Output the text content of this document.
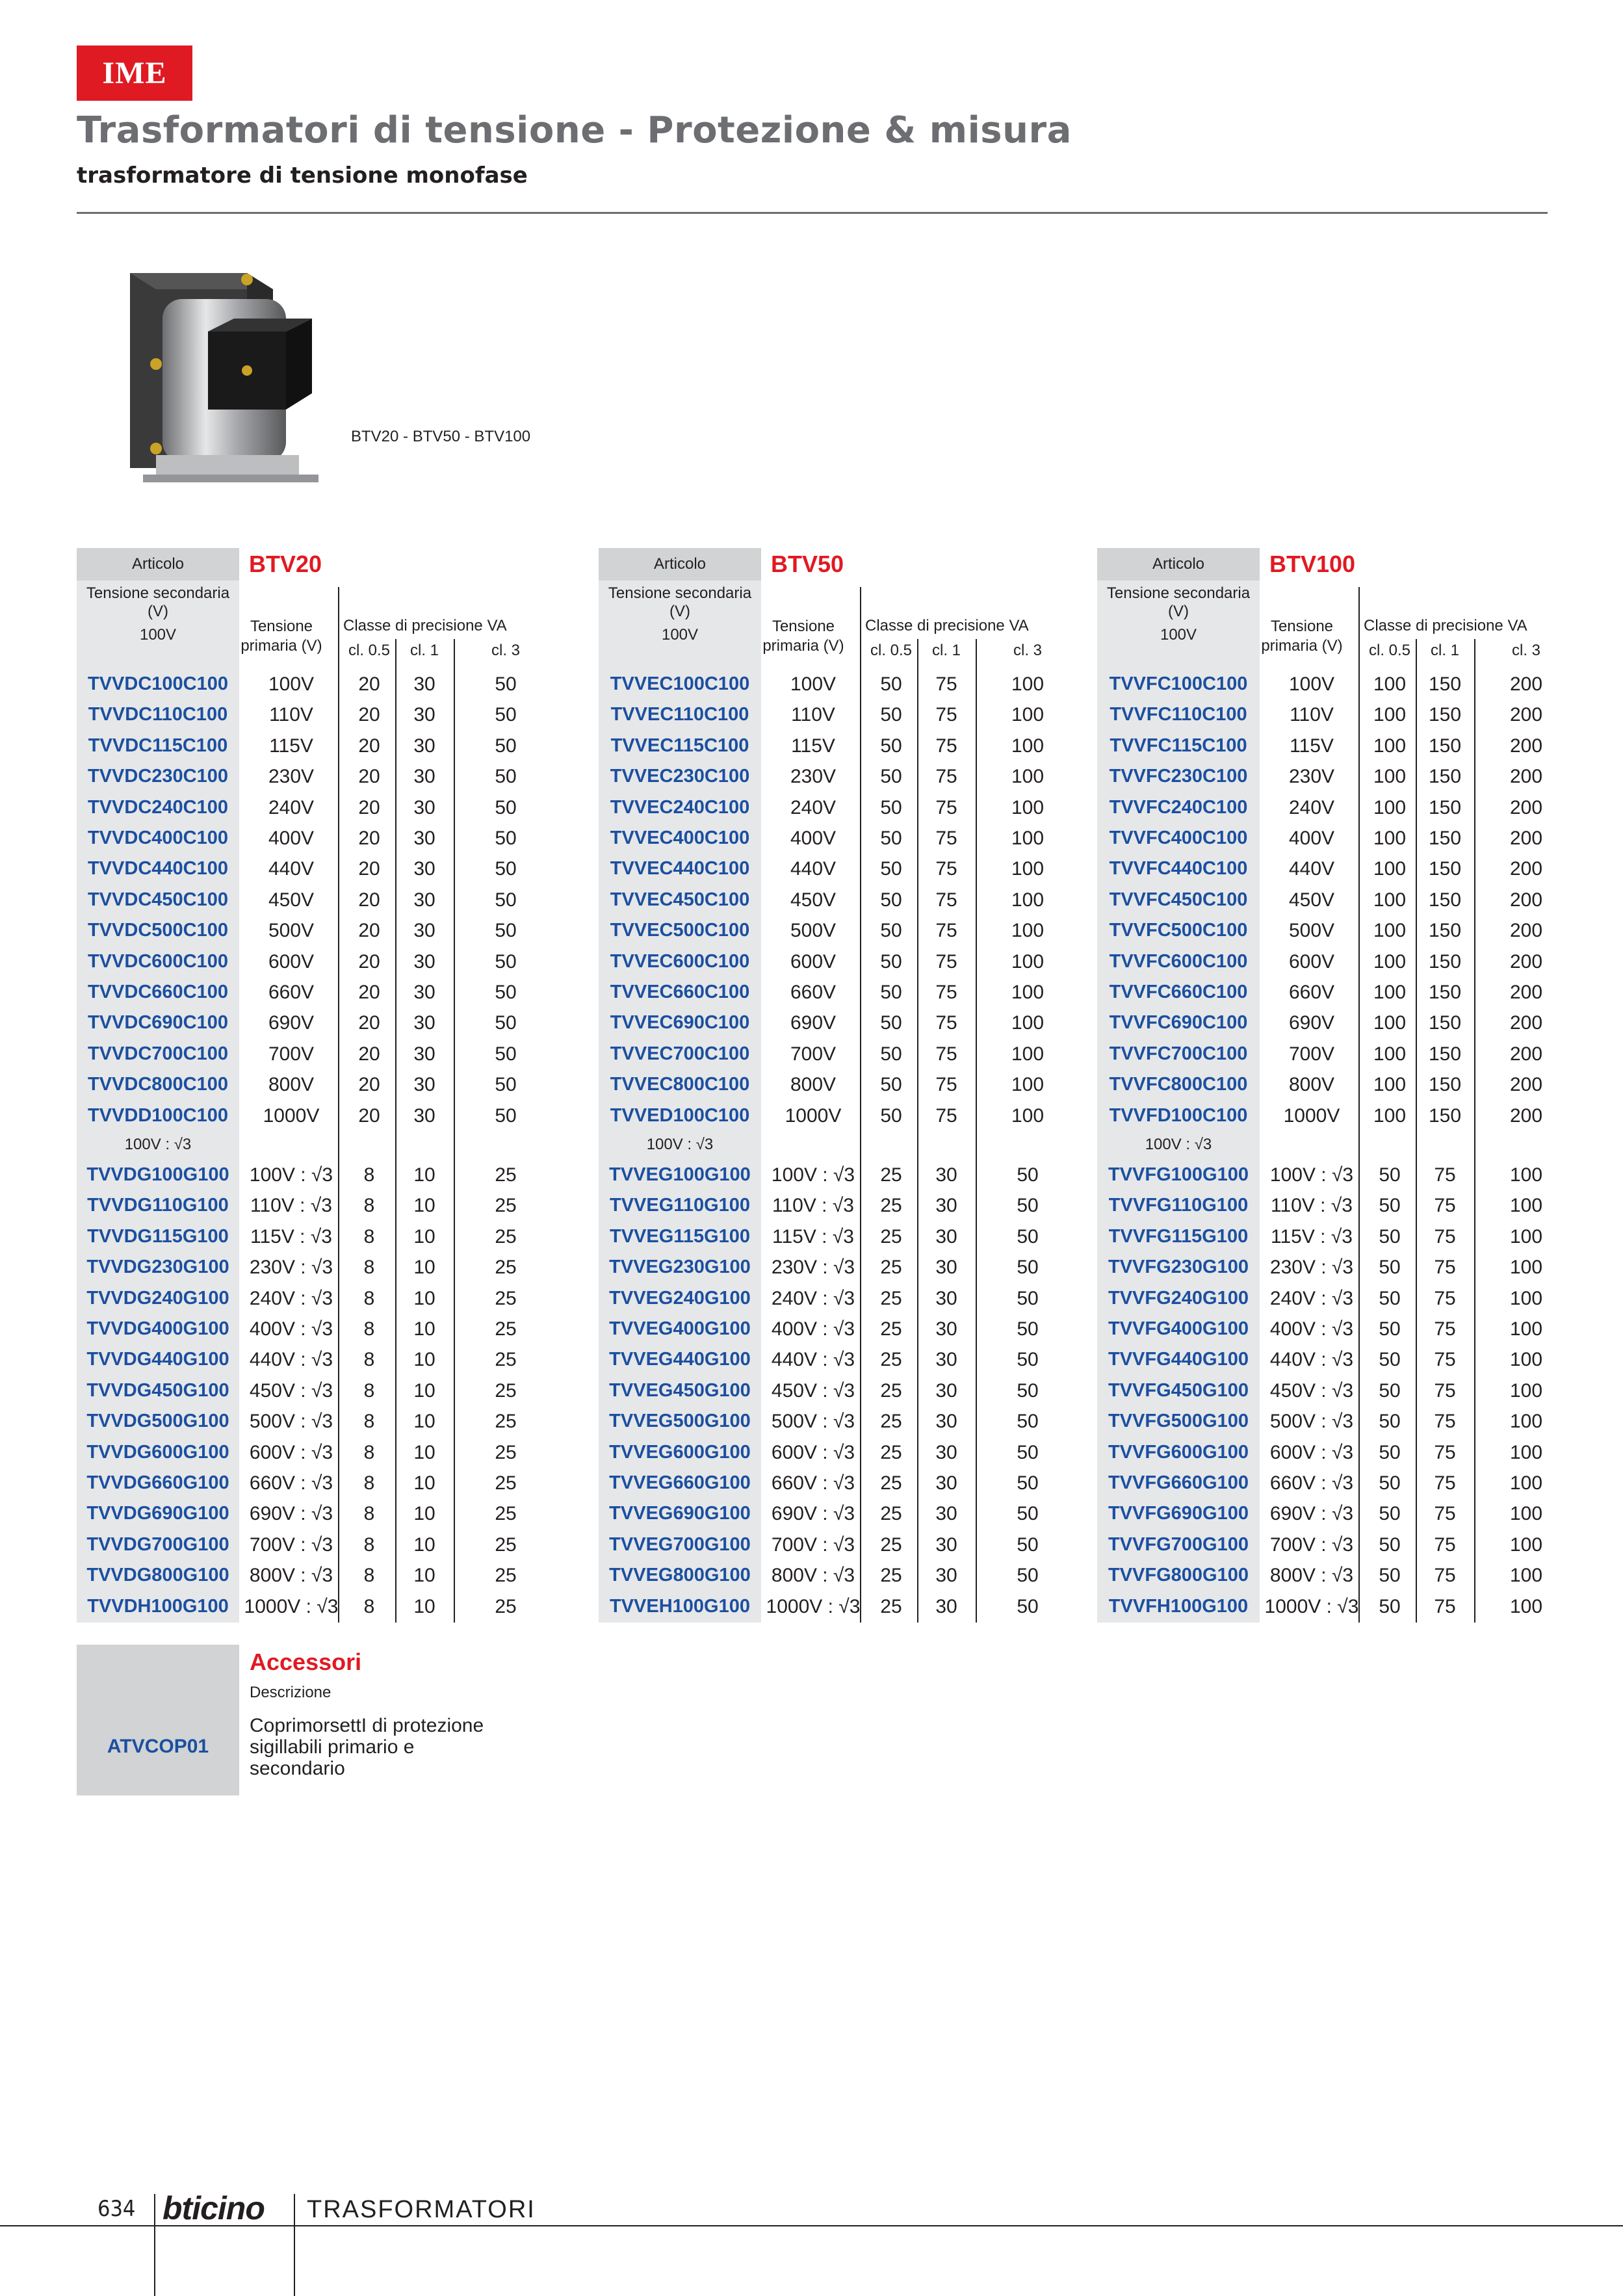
IME
Trasformatori di tensione - Protezione & misura
trasformatore di tensione monofase
BTV20 - BTV50 - BTV100
Articolo	BTV20
Tensione secondaria (V)
100V	Tensione primaria (V)
Classe di precisione VA
cl. 0.5	cl. 1	cl. 3
TVVDC100C100	100V	20	30	50
TVVDC110C100	110V	20	30	50
TVVDC115C100	115V	20	30	50
TVVDC230C100	230V	20	30	50
TVVDC240C100	240V	20	30	50
TVVDC400C100	400V	20	30	50
TVVDC440C100	440V	20	30	50
TVVDC450C100	450V	20	30	50
TVVDC500C100	500V	20	30	50
TVVDC600C100	600V	20	30	50
TVVDC660C100	660V	20	30	50
TVVDC690C100	690V	20	30	50
TVVDC700C100	700V	20	30	50
TVVDC800C100	800V	20	30	50
TVVDD100C100	1000V	20	30	50
100V : √3
TVVDG100G100	100V : √3	8	10	25
TVVDG110G100	110V : √3	8	10	25
TVVDG115G100	115V : √3	8	10	25
TVVDG230G100	230V : √3	8	10	25
TVVDG240G100	240V : √3	8	10	25
TVVDG400G100	400V : √3	8	10	25
TVVDG440G100	440V : √3	8	10	25
TVVDG450G100	450V : √3	8	10	25
TVVDG500G100	500V : √3	8	10	25
TVVDG600G100	600V : √3	8	10	25
TVVDG660G100	660V : √3	8	10	25
TVVDG690G100	690V : √3	8	10	25
TVVDG700G100	700V : √3	8	10	25
TVVDG800G100	800V : √3	8	10	25
TVVDH100G100 1000V : √3	8	10	25
Articolo	BTV50
Tensione secondaria (V)
100V	Tensione primaria (V)
Classe di precisione VA
cl. 0.5	cl. 1	cl. 3
TVVEC100C100	100V	50	75	100
TVVEC110C100	110V	50	75	100
TVVEC115C100	115V	50	75	100
TVVEC230C100	230V	50	75	100
TVVEC240C100	240V	50	75	100
TVVEC400C100	400V	50	75	100
TVVEC440C100	440V	50	75	100
TVVEC450C100	450V	50	75	100
TVVEC500C100	500V	50	75	100
TVVEC600C100	600V	50	75	100
TVVEC660C100	660V	50	75	100
TVVEC690C100	690V	50	75	100
TVVEC700C100	700V	50	75	100
TVVEC800C100	800V	50	75	100
TVVED100C100	1000V	50	75	100
100V : √3
TVVEG100G100	100V : √3	25	30	50
TVVEG110G100	110V : √3	25	30	50
TVVEG115G100	115V : √3	25	30	50
TVVEG230G100	230V : √3	25	30	50
TVVEG240G100	240V : √3	25	30	50
TVVEG400G100	400V : √3	25	30	50
TVVEG440G100	440V : √3	25	30	50
TVVEG450G100	450V : √3	25	30	50
TVVEG500G100	500V : √3	25	30	50
TVVEG600G100	600V : √3	25	30	50
TVVEG660G100	660V : √3	25	30	50
TVVEG690G100	690V : √3	25	30	50
TVVEG700G100	700V : √3	25	30	50
TVVEG800G100	800V : √3	25	30	50
TVVEH100G100 1000V : √3	25	30	50
Articolo	BTV100
Tensione secondaria (V)
100V	Tensione primaria (V)
Classe di precisione VA
cl. 0.5	cl. 1	cl. 3
TVVFC100C100	100V	100	150	200
TVVFC110C100	110V	100	150	200
TVVFC115C100	115V	100	150	200
TVVFC230C100	230V	100	150	200
TVVFC240C100	240V	100	150	200
TVVFC400C100	400V	100	150	200
TVVFC440C100	440V	100	150	200
TVVFC450C100	450V	100	150	200
TVVFC500C100	500V	100	150	200
TVVFC600C100	600V	100	150	200
TVVFC660C100	660V	100	150	200
TVVFC690C100	690V	100	150	200
TVVFC700C100	700V	100	150	200
TVVFC800C100	800V	100	150	200
TVVFD100C100	1000V	100	150	200
100V : √3
TVVFG100G100	100V : √3	50	75	100
TVVFG110G100	110V : √3	50	75	100
TVVFG115G100	115V : √3	50	75	100
TVVFG230G100	230V : √3	50	75	100
TVVFG240G100	240V : √3	50	75	100
TVVFG400G100	400V : √3	50	75	100
TVVFG440G100	440V : √3	50	75	100
TVVFG450G100	450V : √3	50	75	100
TVVFG500G100	500V : √3	50	75	100
TVVFG600G100	600V : √3	50	75	100
TVVFG660G100	660V : √3	50	75	100
TVVFG690G100	690V : √3	50	75	100
TVVFG700G100	700V : √3	50	75	100
TVVFG800G100	800V : √3	50	75	100
TVVFH100G100 1000V : √3	50	75	100
ATVCOP01
Accessori
Descrizione
CoprimorsettI di protezione sigillabili primario e secondario
634 bticino TRASFORMATORI
